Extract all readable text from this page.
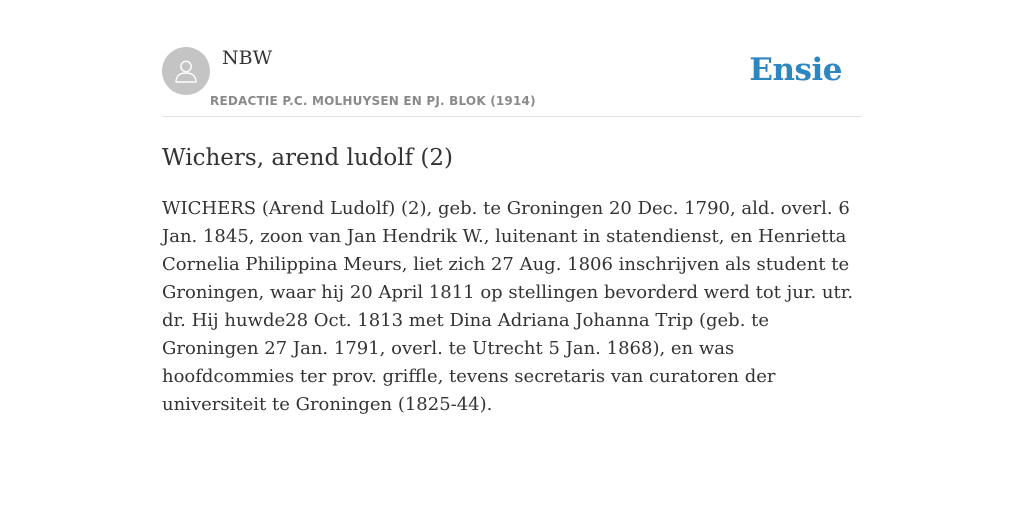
NBW
REDACTIE P.C. MOLHUYSEN EN PJ. BLOK (1914)
Ensie
Wichers, arend ludolf (2)

WICHERS (Arend Ludolf) (2), geb. te Groningen 20 Dec. 1790, ald. overl. 6 Jan. 1845, zoon van Jan Hendrik W., luitenant in statendienst, en Henrietta Cornelia Philippina Meurs, liet zich 27 Aug. 1806 inschrijven als student te Groningen, waar hij 20 April 1811 op stellingen bevorderd werd tot jur. utr. dr. Hij huwde28 Oct. 1813 met Dina Adriana Johanna Trip (geb. te Groningen 27 Jan. 1791, overl. te Utrecht 5 Jan. 1868), en was hoofdcommies ter prov. griffle, tevens secretaris van curatoren der universiteit te Groningen (1825-44).
